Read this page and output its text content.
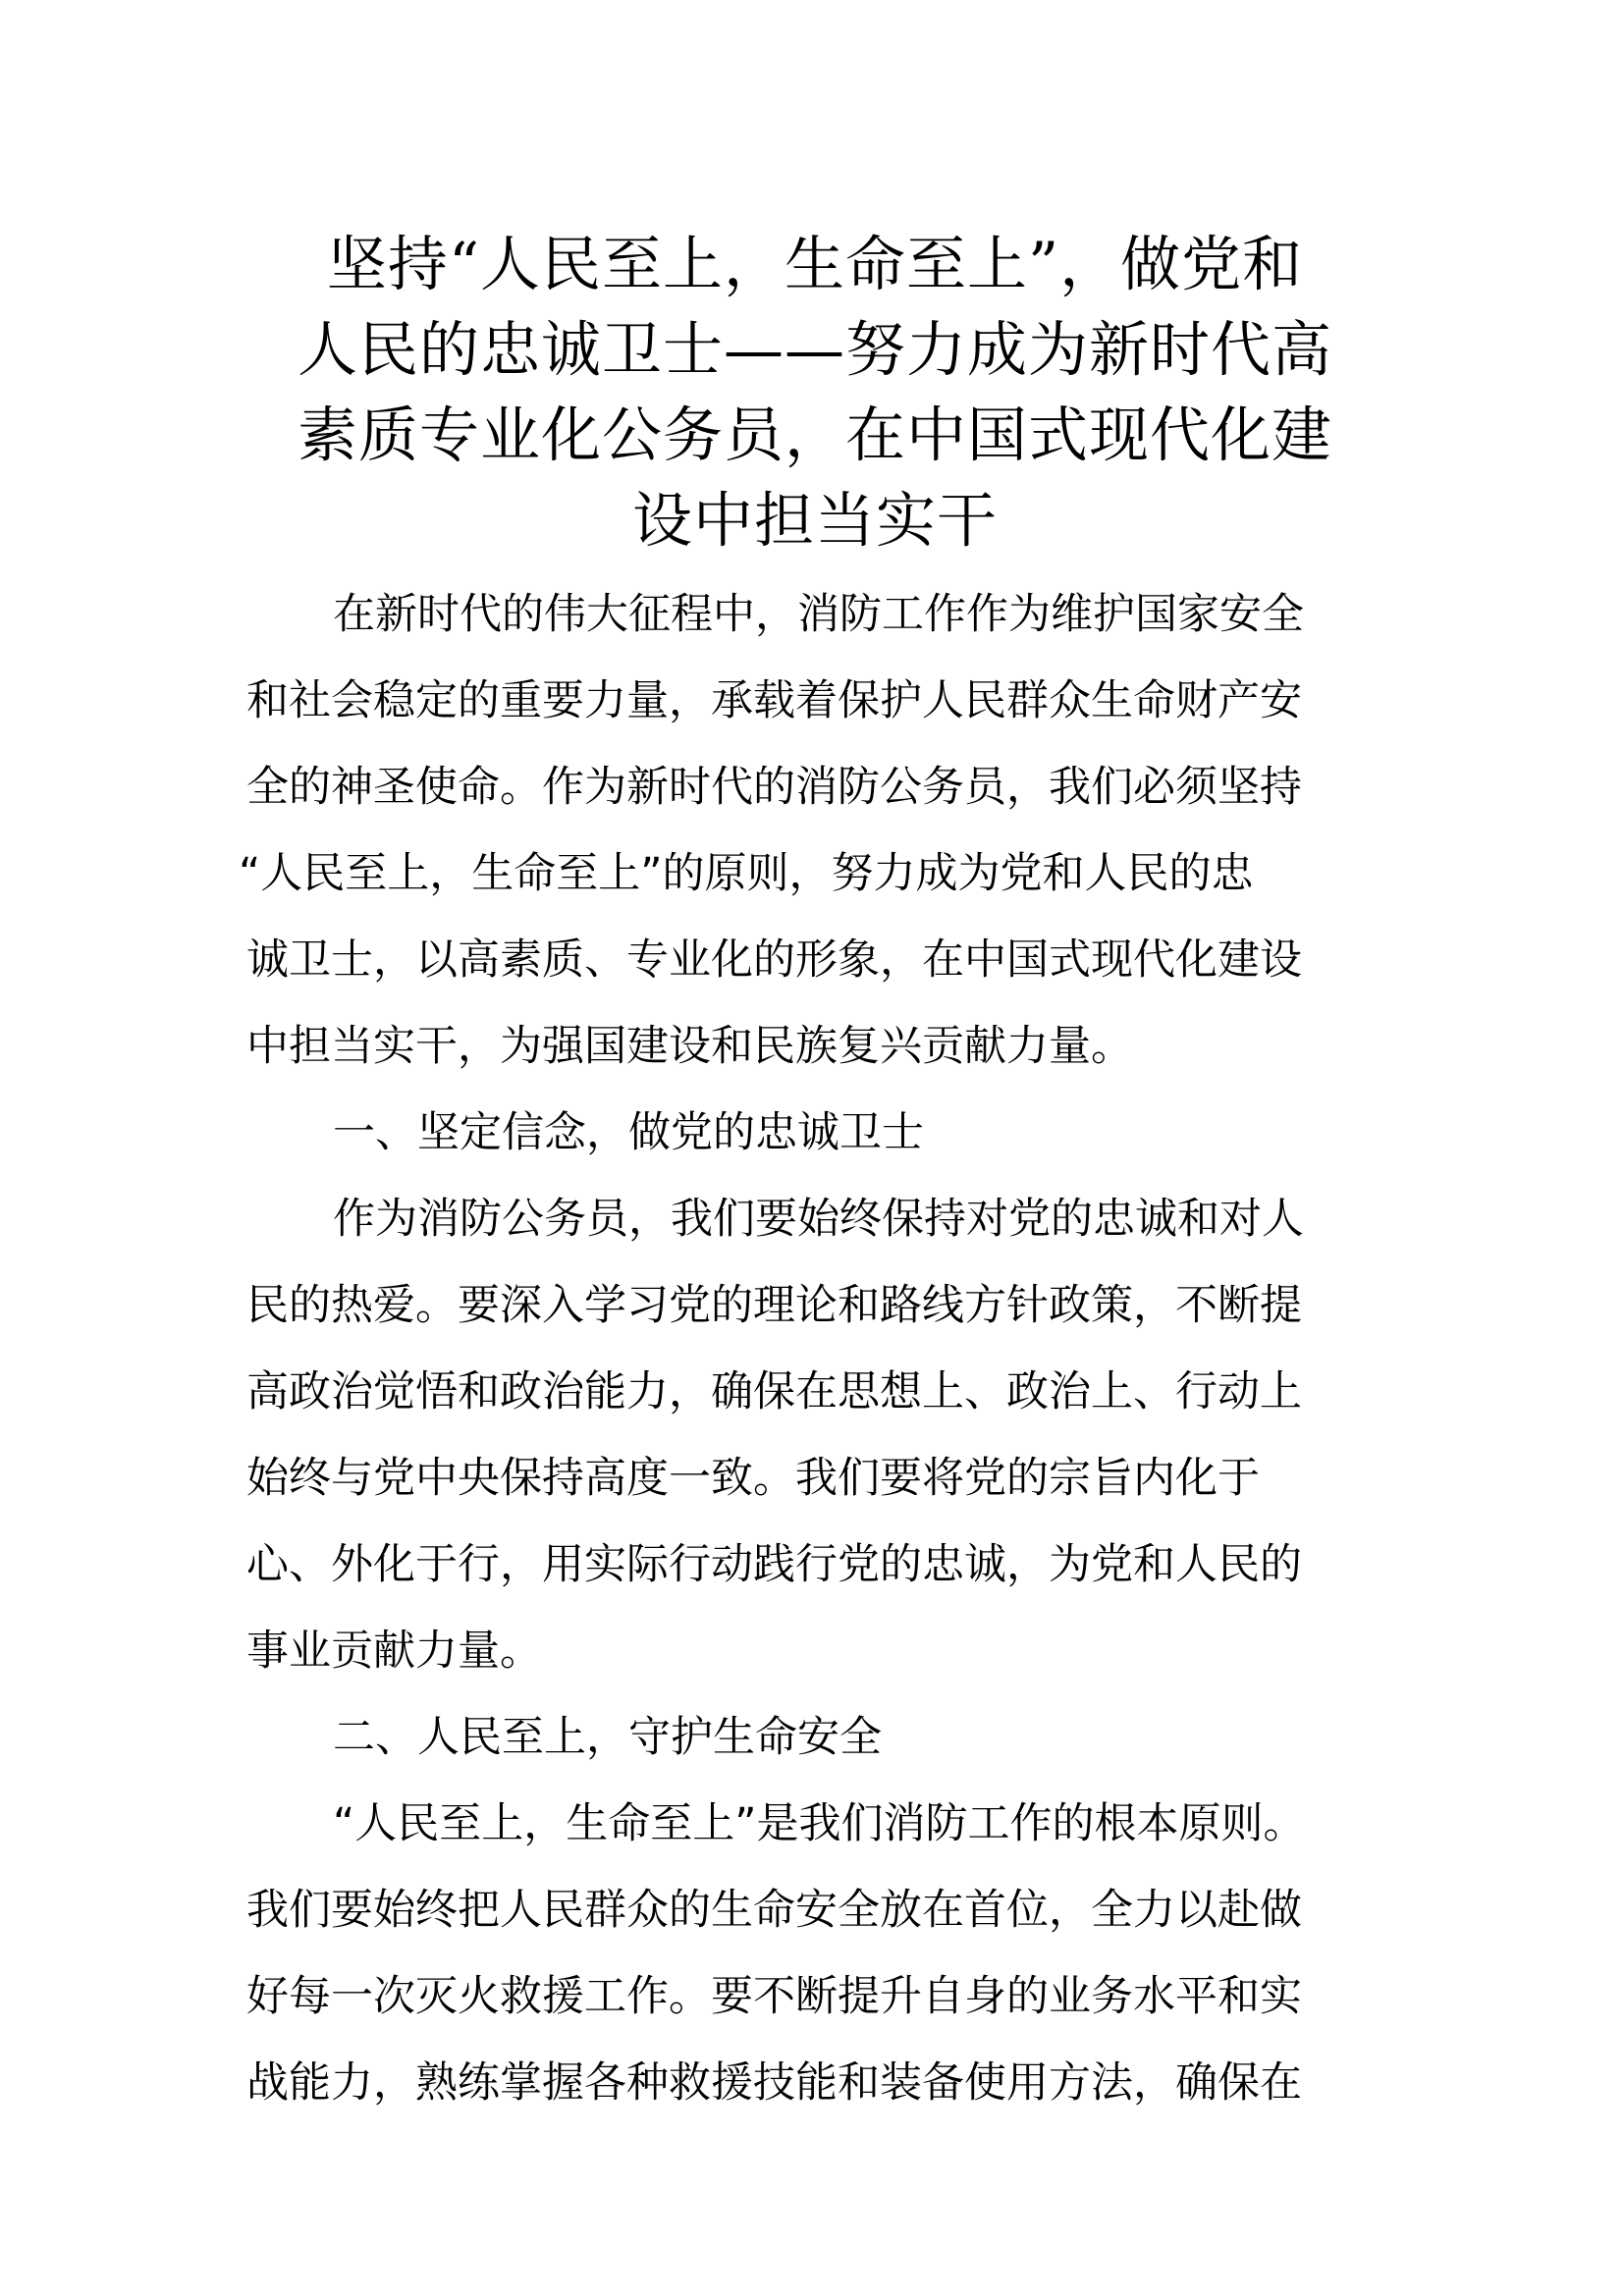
坚持“人民至上，生命至上”，做党和
人民的忠诚卫士——努力成为新时代高
素质专业化公务员，在中国式现代化建
设中担当实干
在新时代的伟大征程中，消防工作作为维护国家安全
和社会稳定的重要力量，承载着保护人民群众生命财产安
全的神圣使命。作为新时代的消防公务员，我们必须坚持
“人民至上，生命至上”的原则，努力成为党和人民的忠
诚卫士，以高素质、专业化的形象，在中国式现代化建设
中担当实干，为强国建设和民族复兴贡献力量。
一、坚定信念，做党的忠诚卫士
作为消防公务员，我们要始终保持对党的忠诚和对人
民的热爱。要深入学习党的理论和路线方针政策，不断提
高政治觉悟和政治能力，确保在思想上、政治上、行动上
始终与党中央保持高度一致。我们要将党的宗旨内化于
心、外化于行，用实际行动践行党的忠诚，为党和人民的
事业贡献力量。
二、人民至上，守护生命安全
“人民至上，生命至上”是我们消防工作的根本原则。
我们要始终把人民群众的生命安全放在首位，全力以赴做
好每一次灭火救援工作。要不断提升自身的业务水平和实
战能力，熟练掌握各种救援技能和装备使用方法，确保在
